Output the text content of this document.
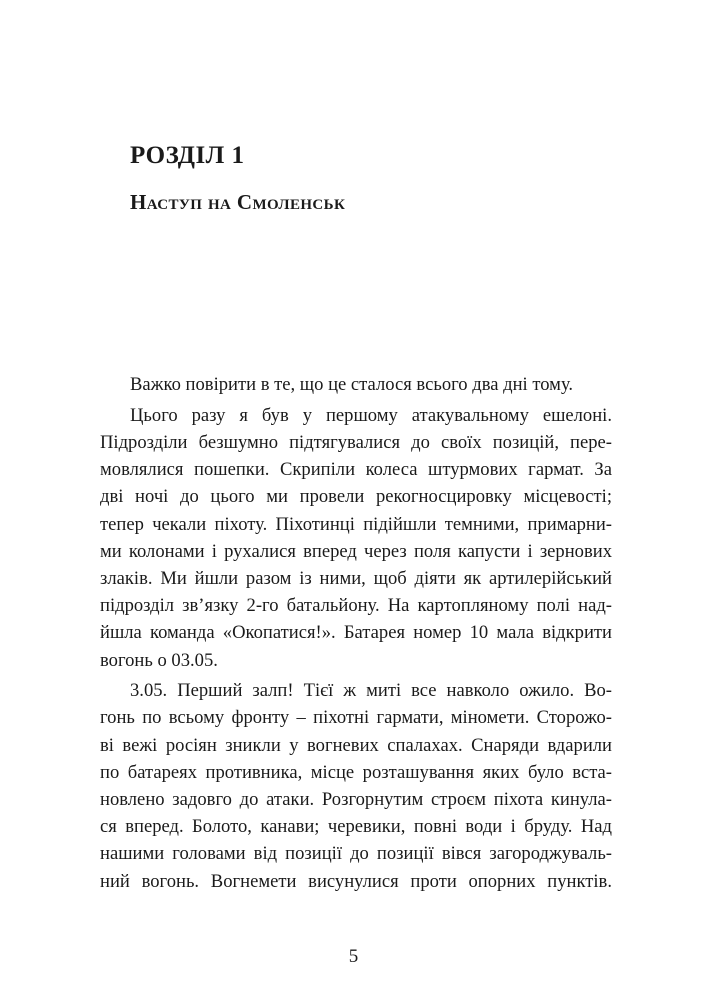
РОЗДІЛ 1
Наступ на Смоленськ
Важко повірити в те, що це сталося всього два дні тому.
Цього разу я був у першому атакувальному ешелоні.
Підрозділи безшумно підтягувалися до своїх позицій, пере-
мовлялися пошепки. Скрипіли колеса штурмових гармат. За
дві ночі до цього ми провели рекогносцировку місцевості;
тепер чекали піхоту. Піхотинці підійшли темними, примарни-
ми колонами і рухалися вперед через поля капусти і зернових
злаків. Ми йшли разом із ними, щоб діяти як артилерійський
підрозділ зв’язку 2-го батальйону. На картопляному полі над-
йшла команда «Окопатися!». Батарея номер 10 мала відкрити
вогонь о 03.05.
3.05. Перший залп! Тієї ж миті все навколо ожило. Во-
гонь по всьому фронту – піхотні гармати, міномети. Сторожо-
ві вежі росіян зникли у вогневих спалахах. Снаряди вдарили
по батареях противника, місце розташування яких було вста-
новлено задовго до атаки. Розгорнутим строєм піхота кинула-
ся вперед. Болото, канави; черевики, повні води і бруду. Над
нашими головами від позиції до позиції вівся загороджуваль-
ний вогонь. Вогнемети висунулися проти опорних пунктів.
5
